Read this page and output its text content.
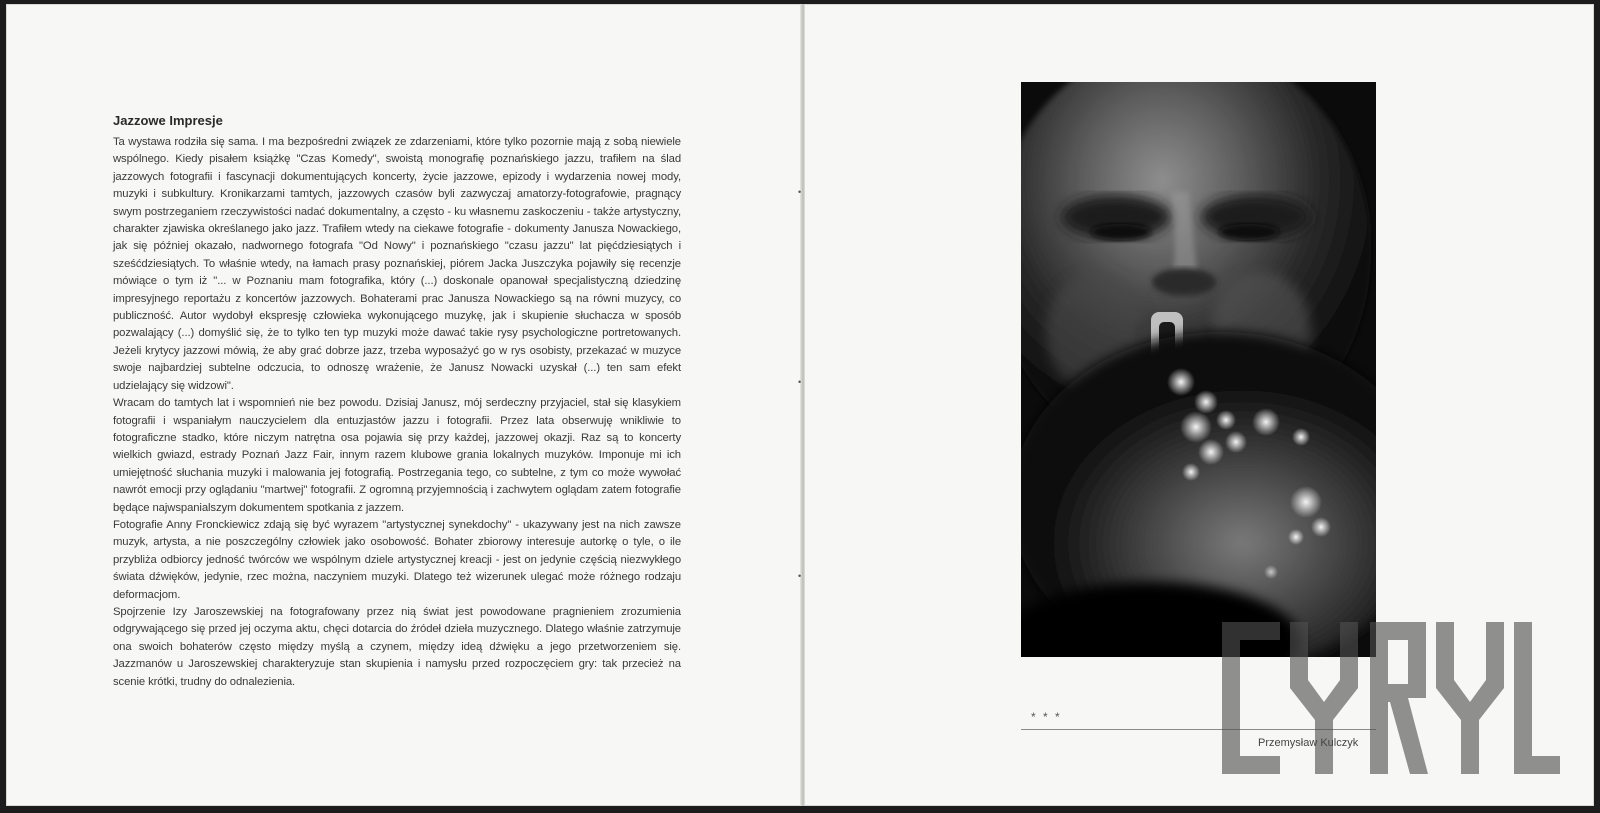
Jazzowe Impresje

Ta wystawa rodziła się sama. I ma bezpośredni związek ze zdarzeniami, które tylko pozornie mają z sobą niewiele wspólnego. Kiedy pisałem książkę "Czas Komedy", swoistą monografię poznańskiego jazzu, trafiłem na ślad jazzowych fotografii i fascynacji dokumentujących koncerty, życie jazzowe, epizody i wydarzenia nowej mody, muzyki i subkultury. Kronikarzami tamtych, jazzowych czasów byli zazwyczaj amatorzy-fotografowie, pragnący swym postrzeganiem rzeczywistości nadać dokumentalny, a często - ku własnemu zaskoczeniu - także artystyczny, charakter zjawiska określanego jako jazz. Trafiłem wtedy na ciekawe fotografie - dokumenty Janusza Nowackiego, jak się później okazało, nadwornego fotografa "Od Nowy" i poznańskiego "czasu jazzu" lat pięćdziesiątych i sześćdziesiątych. To właśnie wtedy, na łamach prasy poznańskiej, piórem Jacka Juszczyka pojawiły się recenzje mówiące o tym iż "... w Poznaniu mam fotografika, który (...) doskonale opanował specjalistyczną dziedzinę impresyjnego reportażu z koncertów jazzowych. Bohaterami prac Janusza Nowackiego są na równi muzycy, co publiczność. Autor wydobył ekspresję człowieka wykonującego muzykę, jak i skupienie słuchacza w sposób pozwalający (...) domyślić się, że to tylko ten typ muzyki może dawać takie rysy psychologiczne portretowanych. Jeżeli krytycy jazzowi mówią, że aby grać dobrze jazz, trzeba wyposażyć go w rys osobisty, przekazać w muzyce swoje najbardziej subtelne odczucia, to odnoszę wrażenie, że Janusz Nowacki uzyskał (...) ten sam efekt udzielający się widzowi".

Wracam do tamtych lat i wspomnień nie bez powodu. Dzisiaj Janusz, mój serdeczny przyjaciel, stał się klasykiem fotografii i wspaniałym nauczycielem dla entuzjastów jazzu i fotografii. Przez lata obserwuję wnikliwie to fotograficzne stadko, które niczym natrętna osa pojawia się przy każdej, jazzowej okazji. Raz są to koncerty wielkich gwiazd, estrady Poznań Jazz Fair, innym razem klubowe grania lokalnych muzyków. Imponuje mi ich umiejętność słuchania muzyki i malowania jej fotografią. Postrzegania tego, co subtelne, z tym co może wywołać nawrót emocji przy oglądaniu "martwej" fotografii. Z ogromną przyjemnością i zachwytem oglądam zatem fotografie będące najwspanialszym dokumentem spotkania z jazzem.

Fotografie Anny Fronckiewicz zdają się być wyrazem "artystycznej synekdochy" - ukazywany jest na nich zawsze muzyk, artysta, a nie poszczególny człowiek jako osobowość. Bohater zbiorowy interesuje autorkę o tyle, o ile przybliża odbiorcy jedność twórców we wspólnym dziele artystycznej kreacji - jest on jedynie częścią niezwykłego świata dźwięków, jedynie, rzec można, naczyniem muzyki. Dlatego też wizerunek ulegać może różnego rodzaju deformacjom.

Spojrzenie Izy Jaroszewskiej na fotografowany przez nią świat jest powodowane pragnieniem zrozumienia odgrywającego się przed jej oczyma aktu, chęci dotarcia do źródeł dzieła muzycznego. Dlatego właśnie zatrzymuje ona swoich bohaterów często między myślą a czynem, między ideą dźwięku a jego przetworzeniem się. Jazzmanów u Jaroszewskiej charakteryzuje stan skupienia i namysłu przed rozpoczęciem gry: tak przecież na scenie krótki, trudny do odnalezienia.

•
•
•
* * *
Przemysław Kulczyk
